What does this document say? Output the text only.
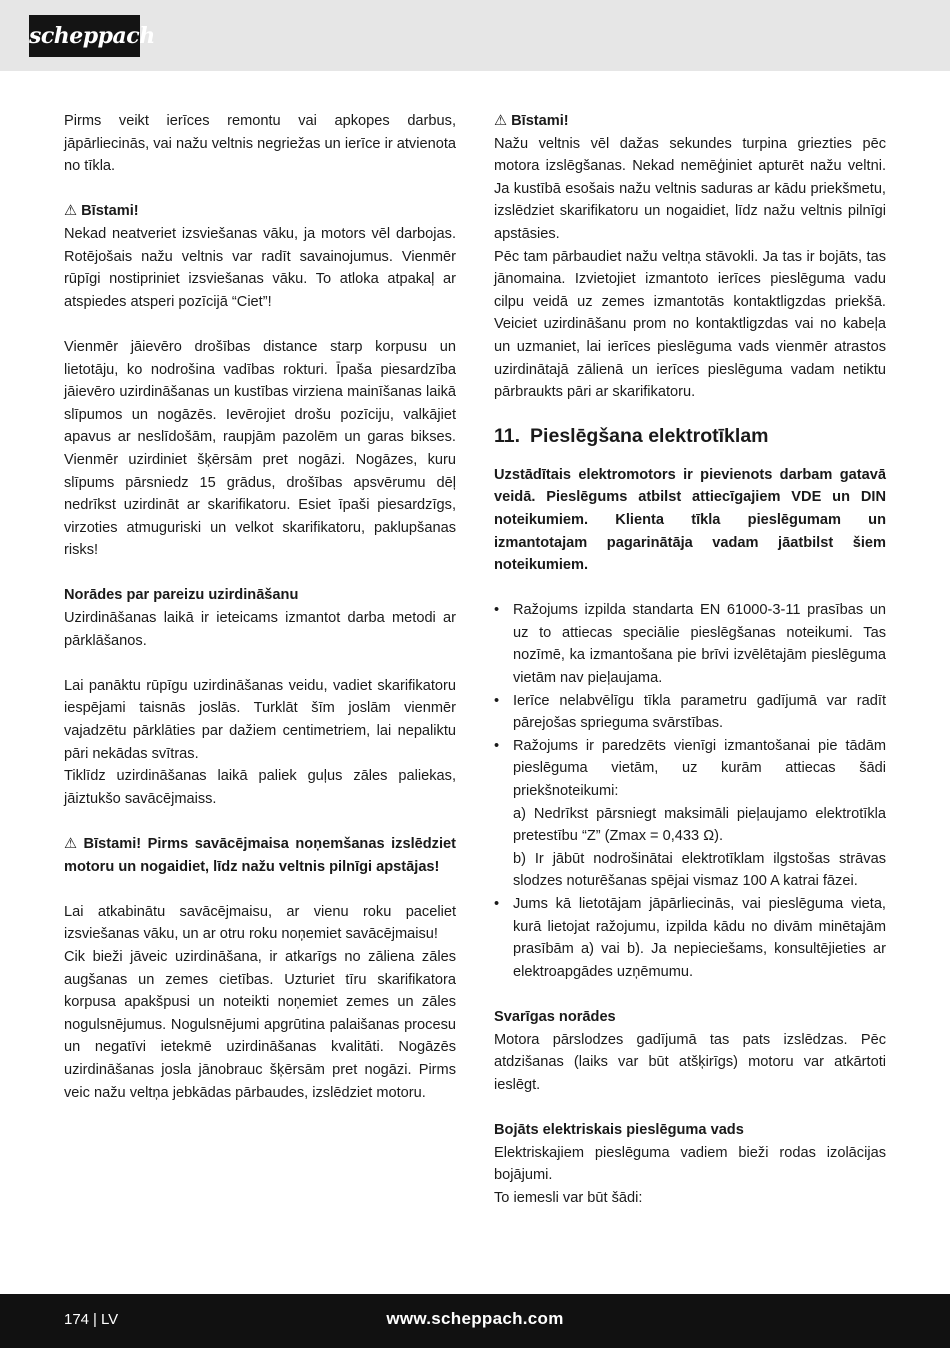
scheppach

Pirms veikt ierīces remontu vai apkopes darbus, jāpārliecinās, vai nažu veltnis negriežas un ierīce ir atvienota no tīkla.

⚠ Bīstami!

Nekad neatveriet izsviešanas vāku, ja motors vēl darbojas. Rotējošais nažu veltnis var radīt savainojumus. Vienmēr rūpīgi nostipriniet izsviešanas vāku. To atloka atpakaļ ar atspiedes atsperi pozīcijā “Ciet”!

Vienmēr jāievēro drošības distance starp korpusu un lietotāju, ko nodrošina vadības rokturi. Īpaša piesardzība jāievēro uzirdināšanas un kustības virziena mainīšanas laikā slīpumos un nogāzēs. Ievērojiet drošu pozīciju, valkājiet apavus ar neslīdošām, raupjām pazolēm un garas bikses. Vienmēr uzirdiniet šķērsām pret nogāzi. Nogāzes, kuru slīpums pārsniedz 15 grādus, drošības apsvērumu dēļ nedrīkst uzirdināt ar skarifikatoru. Esiet īpaši piesardzīgs, virzoties atmuguriski un velkot skarifikatoru, paklupšanas risks!

Norādes par pareizu uzirdināšanu

Uzirdināšanas laikā ir ieteicams izmantot darba metodi ar pārklāšanos.

Lai panāktu rūpīgu uzirdināšanas veidu, vadiet skarifikatoru iespējami taisnās joslās. Turklāt šīm joslām vienmēr vajadzētu pārklāties par dažiem centimetriem, lai nepaliktu pāri nekādas svītras.

Tiklīdz uzirdināšanas laikā paliek guļus zāles paliekas, jāiztukšo savācējmaiss.

⚠ Bīstami! Pirms savācējmaisa noņemšanas izslēdziet motoru un nogaidiet, līdz nažu veltnis pilnīgi apstājas!

Lai atkabinātu savācējmaisu, ar vienu roku paceliet izsviešanas vāku, un ar otru roku noņemiet savācējmaisu!

Cik bieži jāveic uzirdināšana, ir atkarīgs no zāliena zāles augšanas un zemes cietības. Uzturiet tīru skarifikatora korpusa apakšpusi un noteikti noņemiet zemes un zāles nogulsnējumus. Nogulsnējumi apgrūtina palaišanas procesu un negatīvi ietekmē uzirdināšanas kvalitāti. Nogāzēs uzirdināšanas josla jānobrauc šķērsām pret nogāzi. Pirms veic nažu veltņa jebkādas pārbaudes, izslēdziet motoru.

⚠ Bīstami!

Nažu veltnis vēl dažas sekundes turpina griezties pēc motora izslēgšanas. Nekad nemēģiniet apturēt nažu veltni. Ja kustībā esošais nažu veltnis saduras ar kādu priekšmetu, izslēdziet skarifikatoru un nogaidiet, līdz nažu veltnis pilnīgi apstāsies.

Pēc tam pārbaudiet nažu veltņa stāvokli. Ja tas ir bojāts, tas jānomaina. Izvietojiet izmantoto ierīces pieslēguma vadu cilpu veidā uz zemes izmantotās kontaktligzdas priekšā. Veiciet uzirdināšanu prom no kontaktligzdas vai no kabeļa un uzmaniet, lai ierīces pieslēguma vads vienmēr atrastos uzirdinātajā zālienā un ierīces pieslēguma vadam netiktu pārbraukts pāri ar skarifikatoru.

11. Pieslēgšana elektrotīklam

Uzstādītais elektromotors ir pievienots darbam gatavā veidā. Pieslēgums atbilst attiecīgajiem VDE un DIN noteikumiem. Klienta tīkla pieslēgumam un izmantotajam pagarinātāja vadam jāatbilst šiem noteikumiem.

• Ražojums izpilda standarta EN 61000-3-11 prasības un uz to attiecas speciālie pieslēgšanas noteikumi. Tas nozīmē, ka izmantošana pie brīvi izvēlētajām pieslēguma vietām nav pieļaujama.
• Ierīce nelabvēlīgu tīkla parametru gadījumā var radīt pārejošas sprieguma svārstības.
• Ražojums ir paredzēts vienīgi izmantošanai pie tādām pieslēguma vietām, uz kurām attiecas šādi priekšnoteikumi:
a) Nedrīkst pārsniegt maksimāli pieļaujamo elektrotīkla pretestību “Z” (Zmax = 0,433 Ω).
b) Ir jābūt nodrošinātai elektrotīklam ilgstošas strāvas slodzes noturēšanas spējai vismaz 100 A katrai fāzei.
• Jums kā lietotājam jāpārliecinās, vai pieslēguma vieta, kurā lietojat ražojumu, izpilda kādu no divām minētajām prasībām a) vai b). Ja nepieciešams, konsultējieties ar elektroapgādes uzņēmumu.

Svarīgas norādes

Motora pārslodzes gadījumā tas pats izslēdzas. Pēc atdzišanas (laiks var būt atšķirīgs) motoru var atkārtoti ieslēgt.

Bojāts elektriskais pieslēguma vads

Elektriskajiem pieslēguma vadiem bieži rodas izolācijas bojājumi.

To iemesli var būt šādi:

174 | LV	www.scheppach.com
